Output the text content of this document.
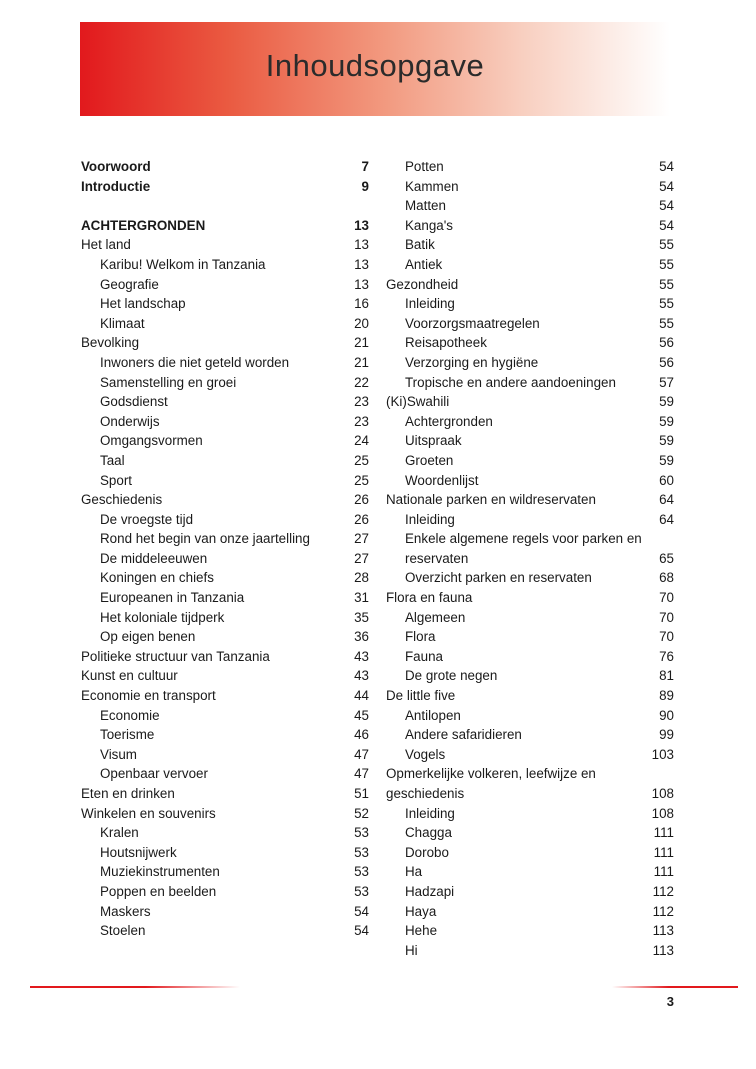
Inhoudsopgave
Voorwoord	7
Introductie	9
ACHTERGRONDEN	13
Het land	13
Karibu! Welkom in Tanzania	13
Geografie	13
Het landschap	16
Klimaat	20
Bevolking	21
Inwoners die niet geteld worden	21
Samenstelling en groei	22
Godsdienst	23
Onderwijs	23
Omgangsvormen	24
Taal	25
Sport	25
Geschiedenis	26
De vroegste tijd	26
Rond het begin van onze jaartelling	27
De middeleeuwen	27
Koningen en chiefs	28
Europeanen in Tanzania	31
Het koloniale tijdperk	35
Op eigen benen	36
Politieke structuur van Tanzania	43
Kunst en cultuur	43
Economie en transport	44
Economie	45
Toerisme	46
Visum	47
Openbaar vervoer	47
Eten en drinken	51
Winkelen en souvenirs	52
Kralen	53
Houtsnijwerk	53
Muziekinstrumenten	53
Poppen en beelden	53
Maskers	54
Stoelen	54
Potten	54
Kammen	54
Matten	54
Kanga's	54
Batik	55
Antiek	55
Gezondheid	55
Inleiding	55
Voorzorgsmaatregelen	55
Reisapotheek	56
Verzorging en hygiëne	56
Tropische en andere aandoeningen	57
(Ki)Swahili	59
Achtergronden	59
Uitspraak	59
Groeten	59
Woordenlijst	60
Nationale parken en wildreservaten	64
Inleiding	64
Enkele algemene regels voor parken en reservaten	65
Overzicht parken en reservaten	68
Flora en fauna	70
Algemeen	70
Flora	70
Fauna	76
De grote negen	81
De little five	89
Antilopen	90
Andere safaridieren	99
Vogels	103
Opmerkelijke volkeren, leefwijze en geschiedenis	108
Inleiding	108
Chagga	111
Dorobo	111
Ha	111
Hadzapi	112
Haya	112
Hehe	113
Hi	113
3
